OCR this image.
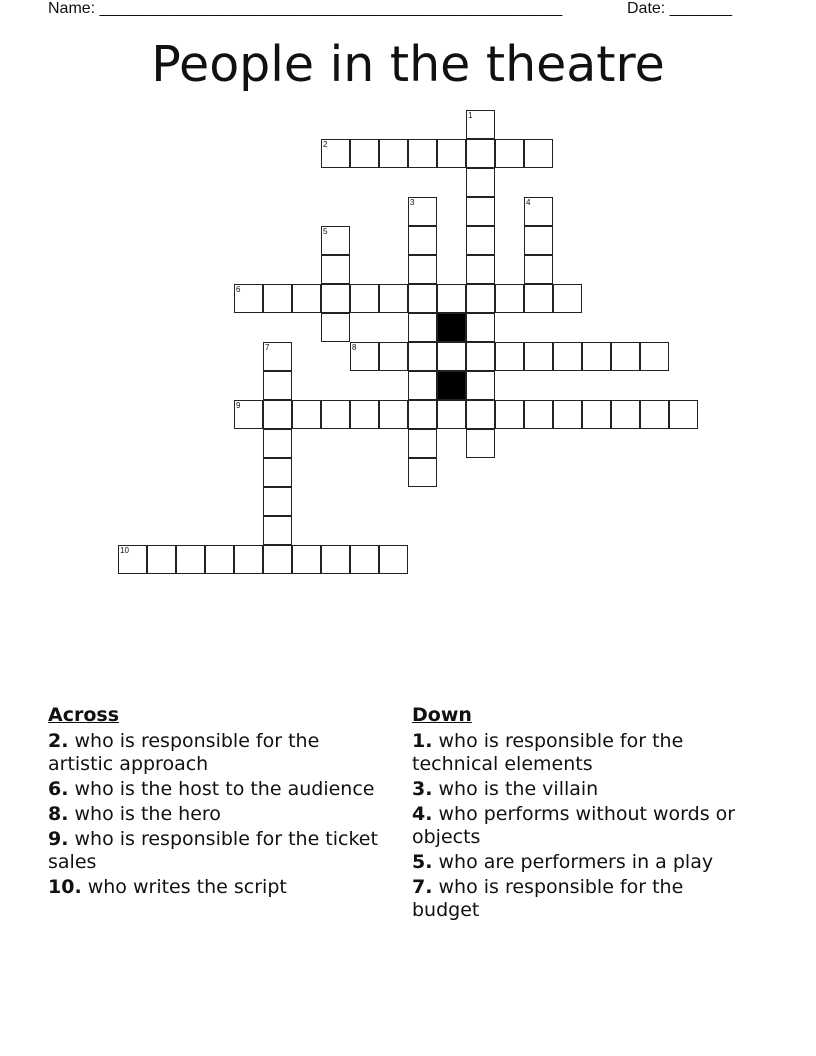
Name: ____________________________________________________	Date: _______
People in the theatre
2
6
8
9
10
1
3	4
5
7
Across
2. who is responsible for the artistic approach
6. who is the host to the audience
8. who is the hero
9. who is responsible for the ticket sales
10. who writes the script
Down
1. who is responsible for the technical elements
3. who is the villain
4. who performs without words or objects
5. who are performers in a play
7. who is responsible for the budget
